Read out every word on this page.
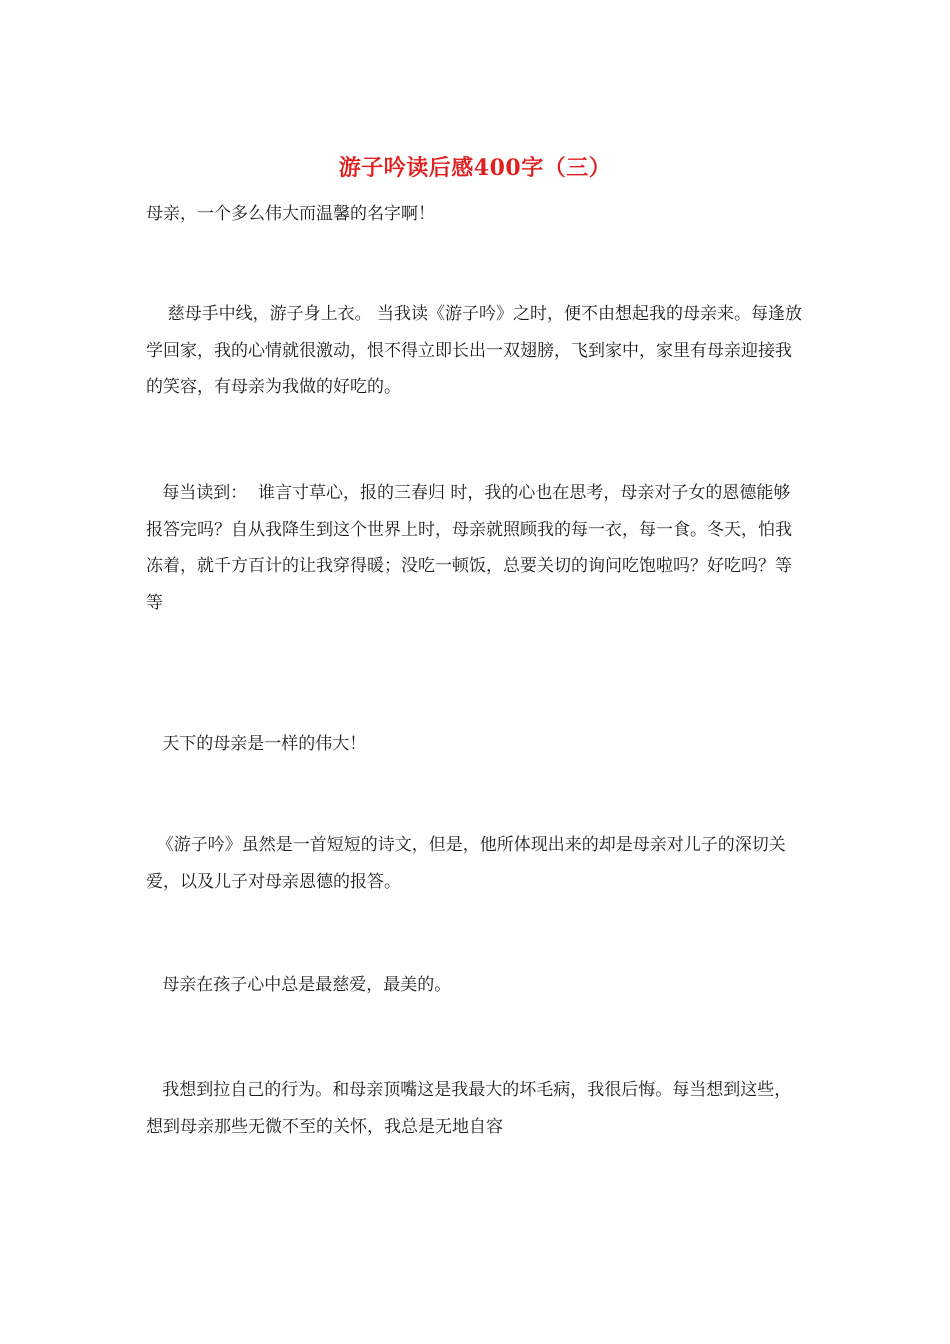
游子吟读后感400字（三）

母亲，一个多么伟大而温馨的名字啊！

慈母手中线，游子身上衣。 当我读《游子吟》之时，便不由想起我的母亲来。每逢放学回家，我的心情就很激动，恨不得立即长出一双翅膀，飞到家中，家里有母亲迎接我的笑容，有母亲为我做的好吃的。

每当读到：  谁言寸草心，报的三春归 时，我的心也在思考，母亲对子女的恩德能够报答完吗？自从我降生到这个世界上时，母亲就照顾我的每一衣，每一食。冬天，怕我冻着，就千方百计的让我穿得暖；没吃一顿饭，总要关切的询问吃饱啦吗？好吃吗？等等

天下的母亲是一样的伟大！

《游子吟》虽然是一首短短的诗文，但是，他所体现出来的却是母亲对儿子的深切关爱，以及儿子对母亲恩德的报答。

母亲在孩子心中总是最慈爱，最美的。

我想到拉自己的行为。和母亲顶嘴这是我最大的坏毛病，我很后悔。每当想到这些，想到母亲那些无微不至的关怀，我总是无地自容
